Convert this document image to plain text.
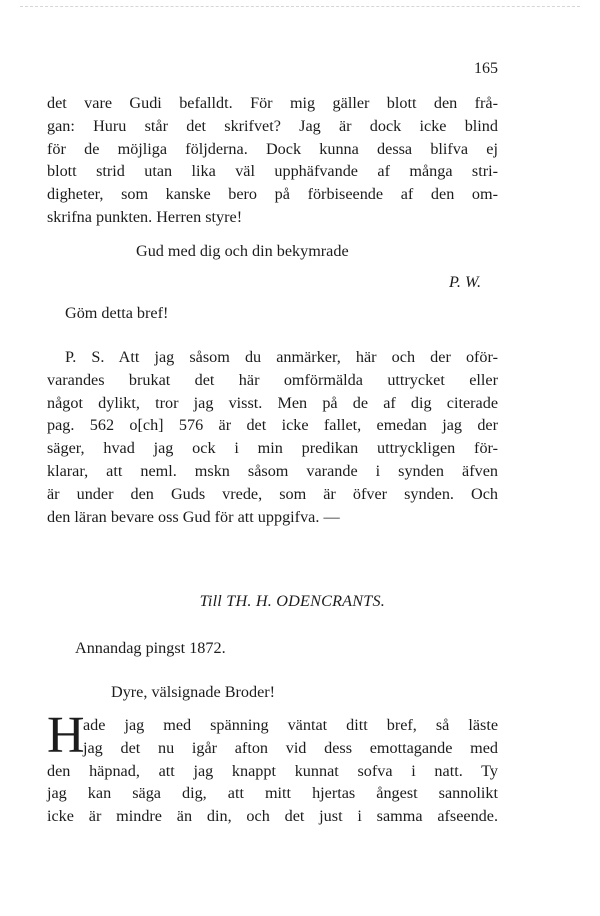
165
det vare Gudi befalldt. För mig gäller blott den frå-
gan: Huru står det skrifvet? Jag är dock icke blind
för de möjliga följderna. Dock kunna dessa blifva ej
blott strid utan lika väl upphäfvande af många stri-
digheter, som kanske bero på förbiseende af den om-
skrifna punkten. Herren styre!
Gud med dig och din bekymrade
P. W.
Göm detta bref!
P. S. Att jag såsom du anmärker, här och der oför-
varandes brukat det här omförmälda uttrycket eller
något dylikt, tror jag visst. Men på de af dig citerade
pag. 562 o[ch] 576 är det icke fallet, emedan jag der
säger, hvad jag ock i min predikan uttryckligen för-
klarar, att neml. mskn såsom varande i synden äfven
är under den Guds vrede, som är öfver synden. Och
den läran bevare oss Gud för att uppgifva. —
Till TH. H. ODENCRANTS.
Annandag pingst 1872.
Dyre, välsignade Broder!
H
ade jag med spänning väntat ditt bref, så läste
jag det nu igår afton vid dess emottagande med
den häpnad, att jag knappt kunnat sofva i natt. Ty
jag kan säga dig, att mitt hjertas ångest sannolikt
icke är mindre än din, och det just i samma afseende.
